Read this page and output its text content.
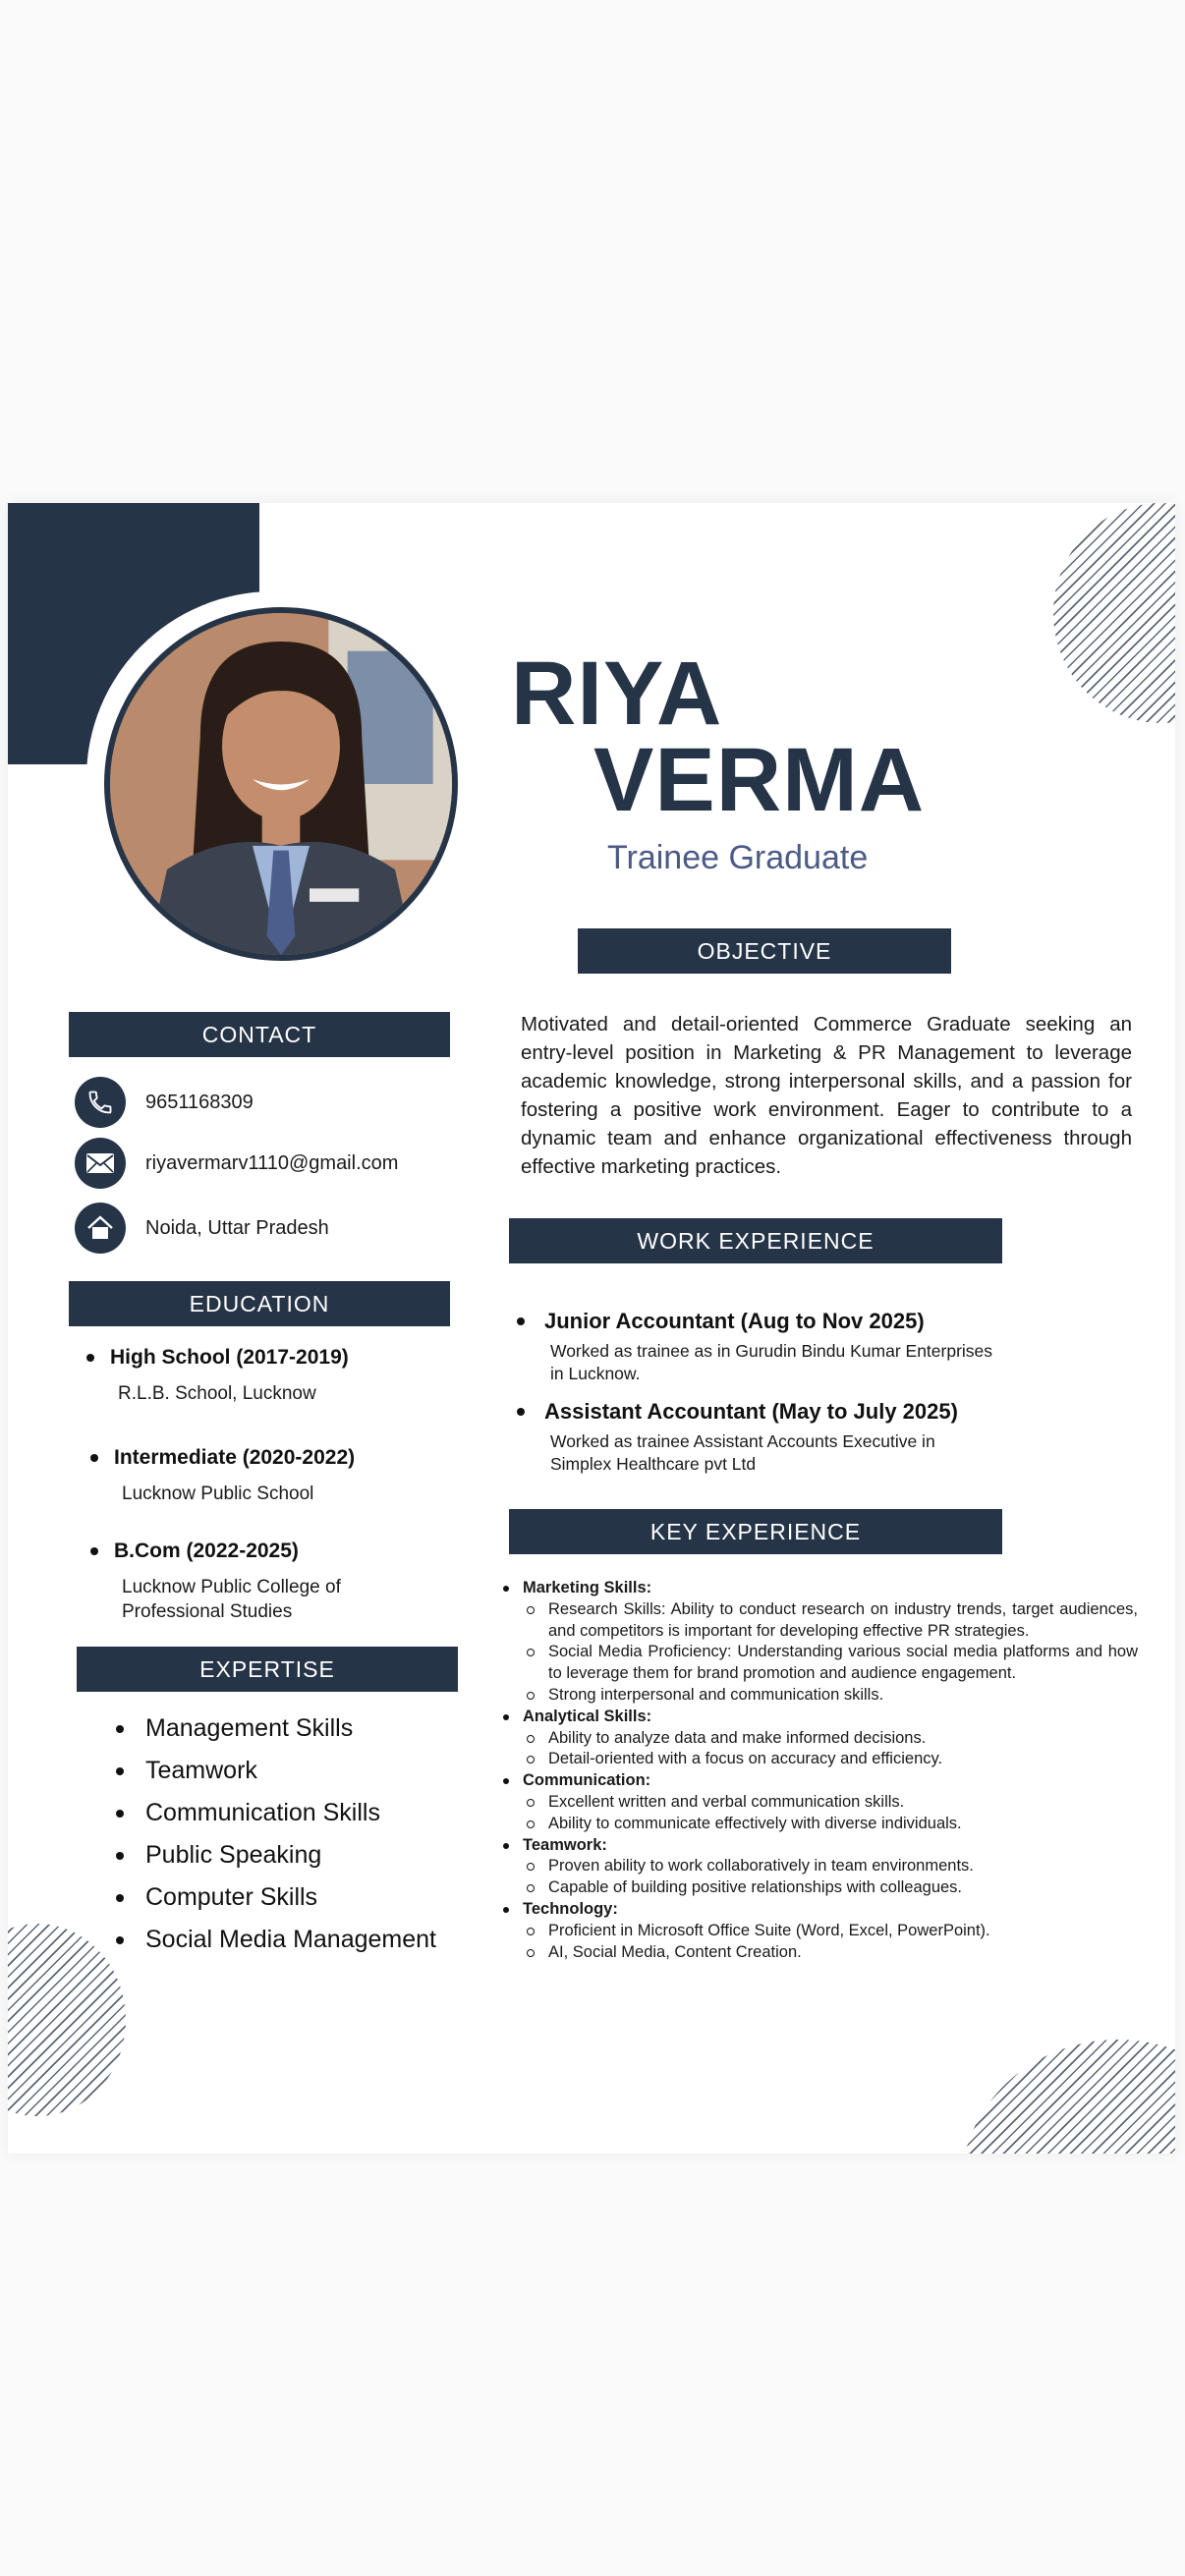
RIYA
VERMA
Trainee Graduate
OBJECTIVE
Motivated and detail-oriented Commerce Graduate seeking an entry-level position in Marketing & PR Management to leverage academic knowledge, strong interpersonal skills, and a passion for fostering a positive work environment. Eager to contribute to a dynamic team and enhance organizational effectiveness through effective marketing practices.
CONTACT
9651168309
riyavermarv1110@gmail.com
Noida, Uttar Pradesh
EDUCATION
High School (2017-2019)
R.L.B. School, Lucknow
Intermediate (2020-2022)
Lucknow Public School
B.Com (2022-2025)
Lucknow Public College of Professional Studies
EXPERTISE
Management Skills
Teamwork
Communication Skills
Public Speaking
Computer Skills
Social Media Management
WORK EXPERIENCE
Junior Accountant (Aug to Nov 2025)
Worked as trainee as in Gurudin Bindu Kumar Enterprises
in Lucknow.
Assistant Accountant (May to July 2025)
Worked as trainee Assistant Accounts Executive in
Simplex Healthcare pvt Ltd
KEY EXPERIENCE
Marketing Skills:
Research Skills: Ability to conduct research on industry trends, target audiences, and competitors is important for developing effective PR strategies.
Social Media Proficiency: Understanding various social media platforms and how to leverage them for brand promotion and audience engagement.
Strong interpersonal and communication skills.
Analytical Skills:
Ability to analyze data and make informed decisions.
Detail-oriented with a focus on accuracy and efficiency.
Communication:
Excellent written and verbal communication skills.
Ability to communicate effectively with diverse individuals.
Teamwork:
Proven ability to work collaboratively in team environments.
Capable of building positive relationships with colleagues.
Technology:
Proficient in Microsoft Office Suite (Word, Excel, PowerPoint).
AI, Social Media, Content Creation.
